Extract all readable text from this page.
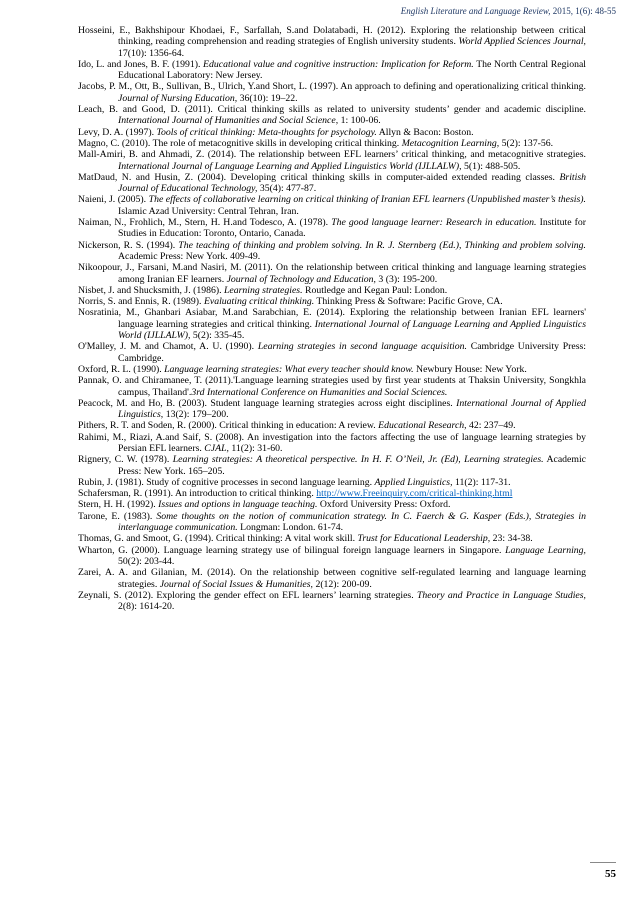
English Literature and Language Review, 2015, 1(6): 48-55

Hosseini, E., Bakhshipour Khodaei, F., Sarfallah, S.and Dolatabadi, H. (2012). Exploring the relationship between critical thinking, reading comprehension and reading strategies of English university students. World Applied Sciences Journal, 17(10): 1356-64.

Ido, L. and Jones, B. F. (1991). Educational value and cognitive instruction: Implication for Reform. The North Central Regional Educational Laboratory: New Jersey.

Jacobs, P. M., Ott, B., Sullivan, B., Ulrich, Y.and Short, L. (1997). An approach to defining and operationalizing critical thinking. Journal of Nursing Education, 36(10): 19–22.

Leach, B. and Good, D. (2011). Critical thinking skills as related to university students’ gender and academic discipline. International Journal of Humanities and Social Science, 1: 100-06.

Levy, D. A. (1997). Tools of critical thinking: Meta-thoughts for psychology. Allyn & Bacon: Boston.

Magno, C. (2010). The role of metacognitive skills in developing critical thinking. Metacognition Learning, 5(2): 137-56.

Mall-Amiri, B. and Ahmadi, Z. (2014). The relationship between EFL learners’ critical thinking, and metacognitive strategies. International Journal of Language Learning and Applied Linguistics World (IJLLALW), 5(1): 488-505.

MatDaud, N. and Husin, Z. (2004). Developing critical thinking skills in computer-aided extended reading classes. British Journal of Educational Technology, 35(4): 477-87.

Naieni, J. (2005). The effects of collaborative learning on critical thinking of Iranian EFL learners (Unpublished master’s thesis). Islamic Azad University: Central Tehran, Iran.

Naiman, N., Frohlich, M., Stern, H. H.and Todesco, A. (1978). The good language learner: Research in education. Institute for Studies in Education: Toronto, Ontario, Canada.

Nickerson, R. S. (1994). The teaching of thinking and problem solving. In R. J. Sternberg (Ed.), Thinking and problem solving. Academic Press: New York. 409-49.

Nikoopour, J., Farsani, M.and Nasiri, M. (2011). On the relationship between critical thinking and language learning strategies among Iranian EF learners. Journal of Technology and Education, 3 (3): 195-200.

Nisbet, J. and Shucksmith, J. (1986). Learning strategies. Routledge and Kegan Paul: London.

Norris, S. and Ennis, R. (1989). Evaluating critical thinking. Thinking Press & Software: Pacific Grove, CA.

Nosratinia, M., Ghanbari Asiabar, M.and Sarabchian, E. (2014). Exploring the relationship between Iranian EFL learners' language learning strategies and critical thinking. International Journal of Language Learning and Applied Linguistics World (IJLLALW), 5(2): 335-45.

O'Malley, J. M. and Chamot, A. U. (1990). Learning strategies in second language acquisition. Cambridge University Press: Cambridge.

Oxford, R. L. (1990). Language learning strategies: What every teacher should know. Newbury House: New York.

Pannak, O. and Chiramanee, T. (2011).'Language learning strategies used by first year students at Thaksin University, Songkhla campus, Thailand'.3rd International Conference on Humanities and Social Sciences.

Peacock, M. and Ho, B. (2003). Student language learning strategies across eight disciplines. International Journal of Applied Linguistics, 13(2): 179–200.

Pithers, R. T. and Soden, R. (2000). Critical thinking in education: A review. Educational Research, 42: 237–49.

Rahimi, M., Riazi, A.and Saif, S. (2008). An investigation into the factors affecting the use of language learning strategies by Persian EFL learners. CJAL, 11(2): 31-60.

Rignery, C. W. (1978). Learning strategies: A theoretical perspective. In H. F. O’Neil, Jr. (Ed), Learning strategies. Academic Press: New York. 165–205.

Rubin, J. (1981). Study of cognitive processes in second language learning. Applied Linguistics, 11(2): 117-31.

Schafersman, R. (1991). An introduction to critical thinking. http://www.Freeinquiry.com/critical-thinking.html

Stern, H. H. (1992). Issues and options in language teaching. Oxford University Press: Oxford.

Tarone, E. (1983). Some thoughts on the notion of communication strategy. In C. Faerch & G. Kasper (Eds.), Strategies in interlanguage communication. Longman: London. 61-74.

Thomas, G. and Smoot, G. (1994). Critical thinking: A vital work skill. Trust for Educational Leadership, 23: 34-38.

Wharton, G. (2000). Language learning strategy use of bilingual foreign language learners in Singapore. Language Learning, 50(2): 203-44.

Zarei, A. A. and Gilanian, M. (2014). On the relationship between cognitive self-regulated learning and language learning strategies. Journal of Social Issues & Humanities, 2(12): 200-09.

Zeynali, S. (2012). Exploring the gender effect on EFL learners’ learning strategies. Theory and Practice in Language Studies, 2(8): 1614-20.

55
